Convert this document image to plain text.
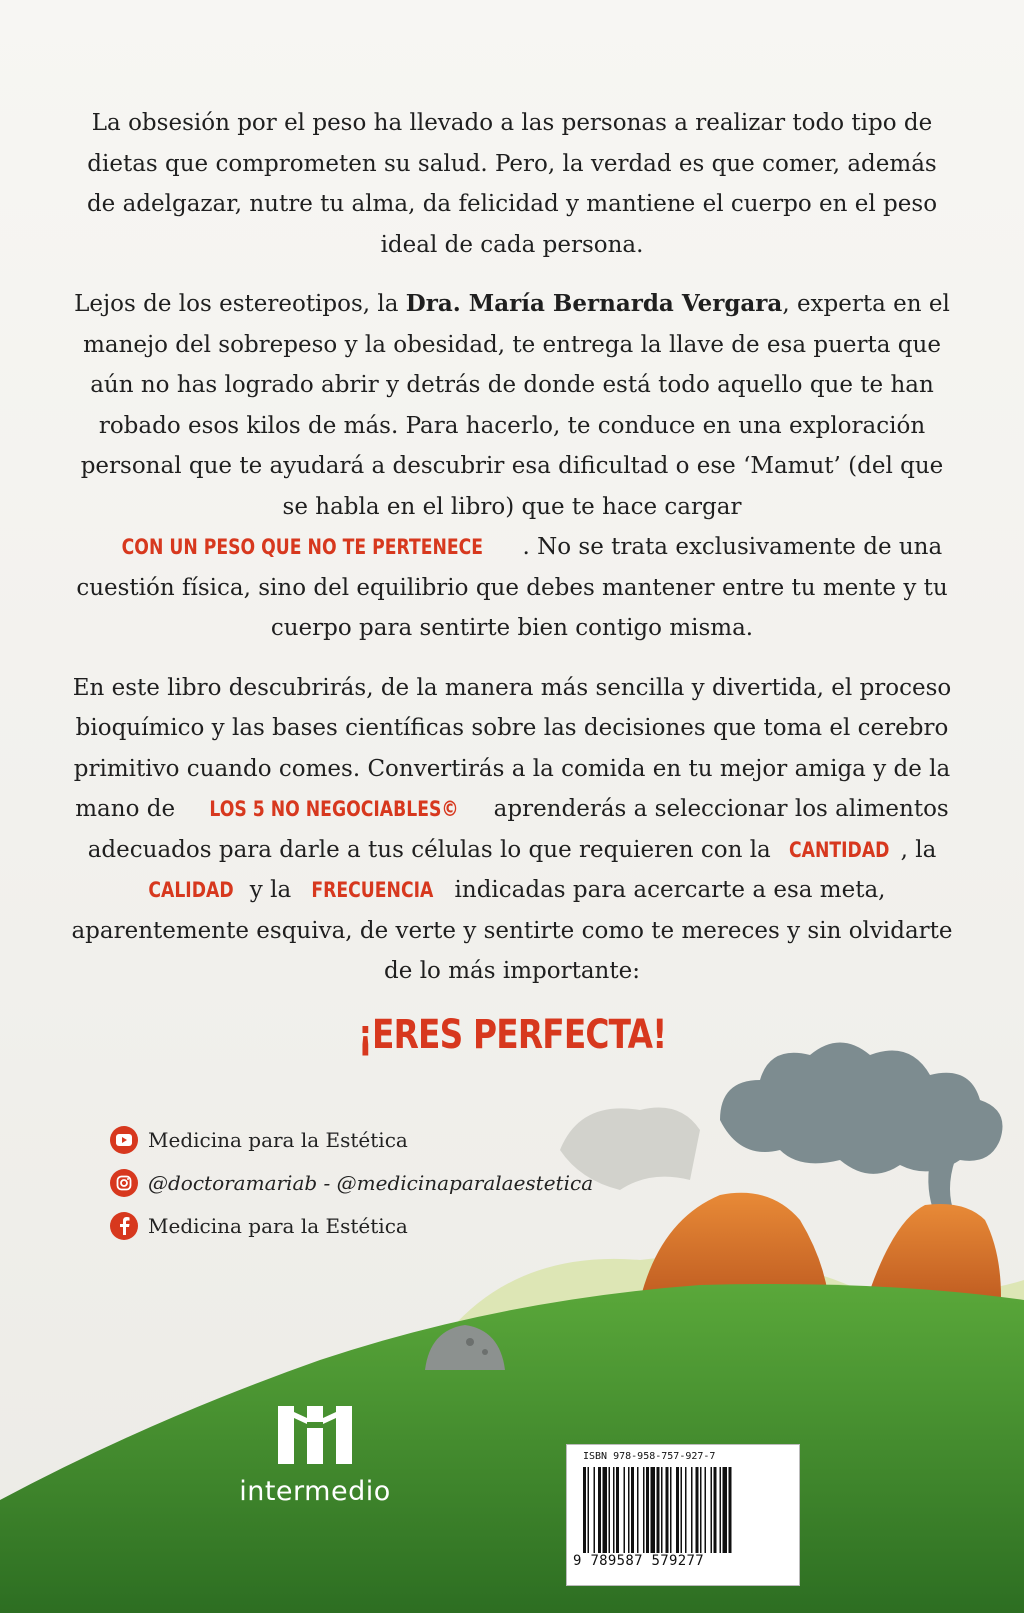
La obsesión por el peso ha llevado a las personas a realizar todo tipo de dietas que comprometen su salud. Pero, la verdad es que comer, además de adelgazar, nutre tu alma, da felicidad y mantiene el cuerpo en el peso ideal de cada persona.

Lejos de los estereotipos, la Dra. María Bernarda Vergara, experta en el manejo del sobrepeso y la obesidad, te entrega la llave de esa puerta que aún no has logrado abrir y detrás de donde está todo aquello que te han robado esos kilos de más. Para hacerlo, te conduce en una exploración personal que te ayudará a descubrir esa dificultad o ese ‘Mamut’ (del que se habla en el libro) que te hace cargar CON UN PESO QUE NO TE PERTENECE . No se trata exclusivamente de una cuestión física, sino del equilibrio que debes mantener entre tu mente y tu cuerpo para sentirte bien contigo misma.

En este libro descubrirás, de la manera más sencilla y divertida, el proceso bioquímico y las bases científicas sobre las decisiones que toma el cerebro primitivo cuando comes. Convertirás a la comida en tu mejor amiga y de la mano de LOS 5 NO NEGOCIABLES© aprenderás a seleccionar los alimentos adecuados para darle a tus células lo que requieren con la CANTIDAD , la CALIDAD y la FRECUENCIA indicadas para acercarte a esa meta, aparentemente esquiva, de verte y sentirte como te mereces y sin olvidarte de lo más importante:

¡ERES PERFECTA!
Medicina para la Estética
@doctoramariab - @medicinaparalaestetica
Medicina para la Estética
intermedio
ISBN 978-958-757-927-7
9 789587 579277
